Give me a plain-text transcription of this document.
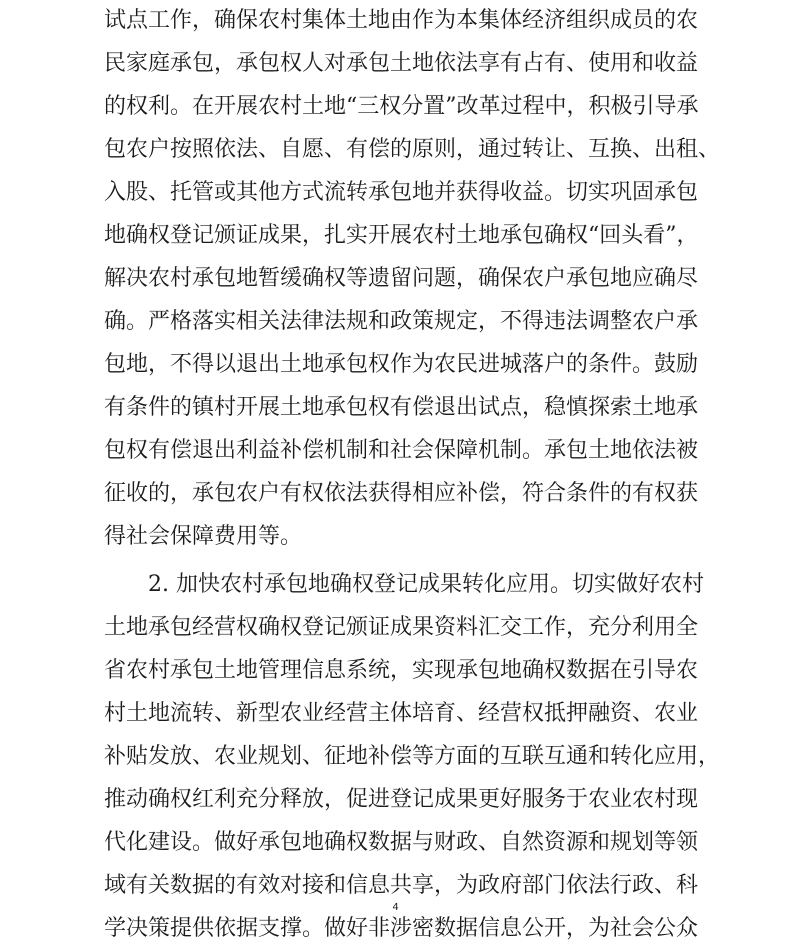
试点工作，确保农村集体土地由作为本集体经济组织成员的农
民家庭承包，承包权人对承包土地依法享有占有、使用和收益
的权利。在开展农村土地“三权分置”改革过程中，积极引导承
包农户按照依法、自愿、有偿的原则，通过转让、互换、出租、
入股、托管或其他方式流转承包地并获得收益。切实巩固承包
地确权登记颁证成果，扎实开展农村土地承包确权“回头看”，
解决农村承包地暂缓确权等遗留问题，确保农户承包地应确尽
确。严格落实相关法律法规和政策规定，不得违法调整农户承
包地，不得以退出土地承包权作为农民进城落户的条件。鼓励
有条件的镇村开展土地承包权有偿退出试点，稳慎探索土地承
包权有偿退出利益补偿机制和社会保障机制。承包土地依法被
征收的，承包农户有权依法获得相应补偿，符合条件的有权获
得社会保障费用等。
2. 加快农村承包地确权登记成果转化应用。切实做好农村
土地承包经营权确权登记颁证成果资料汇交工作，充分利用全
省农村承包土地管理信息系统，实现承包地确权数据在引导农
村土地流转、新型农业经营主体培育、经营权抵押融资、农业
补贴发放、农业规划、征地补偿等方面的互联互通和转化应用，
推动确权红利充分释放，促进登记成果更好服务于农业农村现
代化建设。做好承包地确权数据与财政、自然资源和规划等领
域有关数据的有效对接和信息共享，为政府部门依法行政、科
学决策提供依据支撑。做好非涉密数据信息公开，为社会公众
4
